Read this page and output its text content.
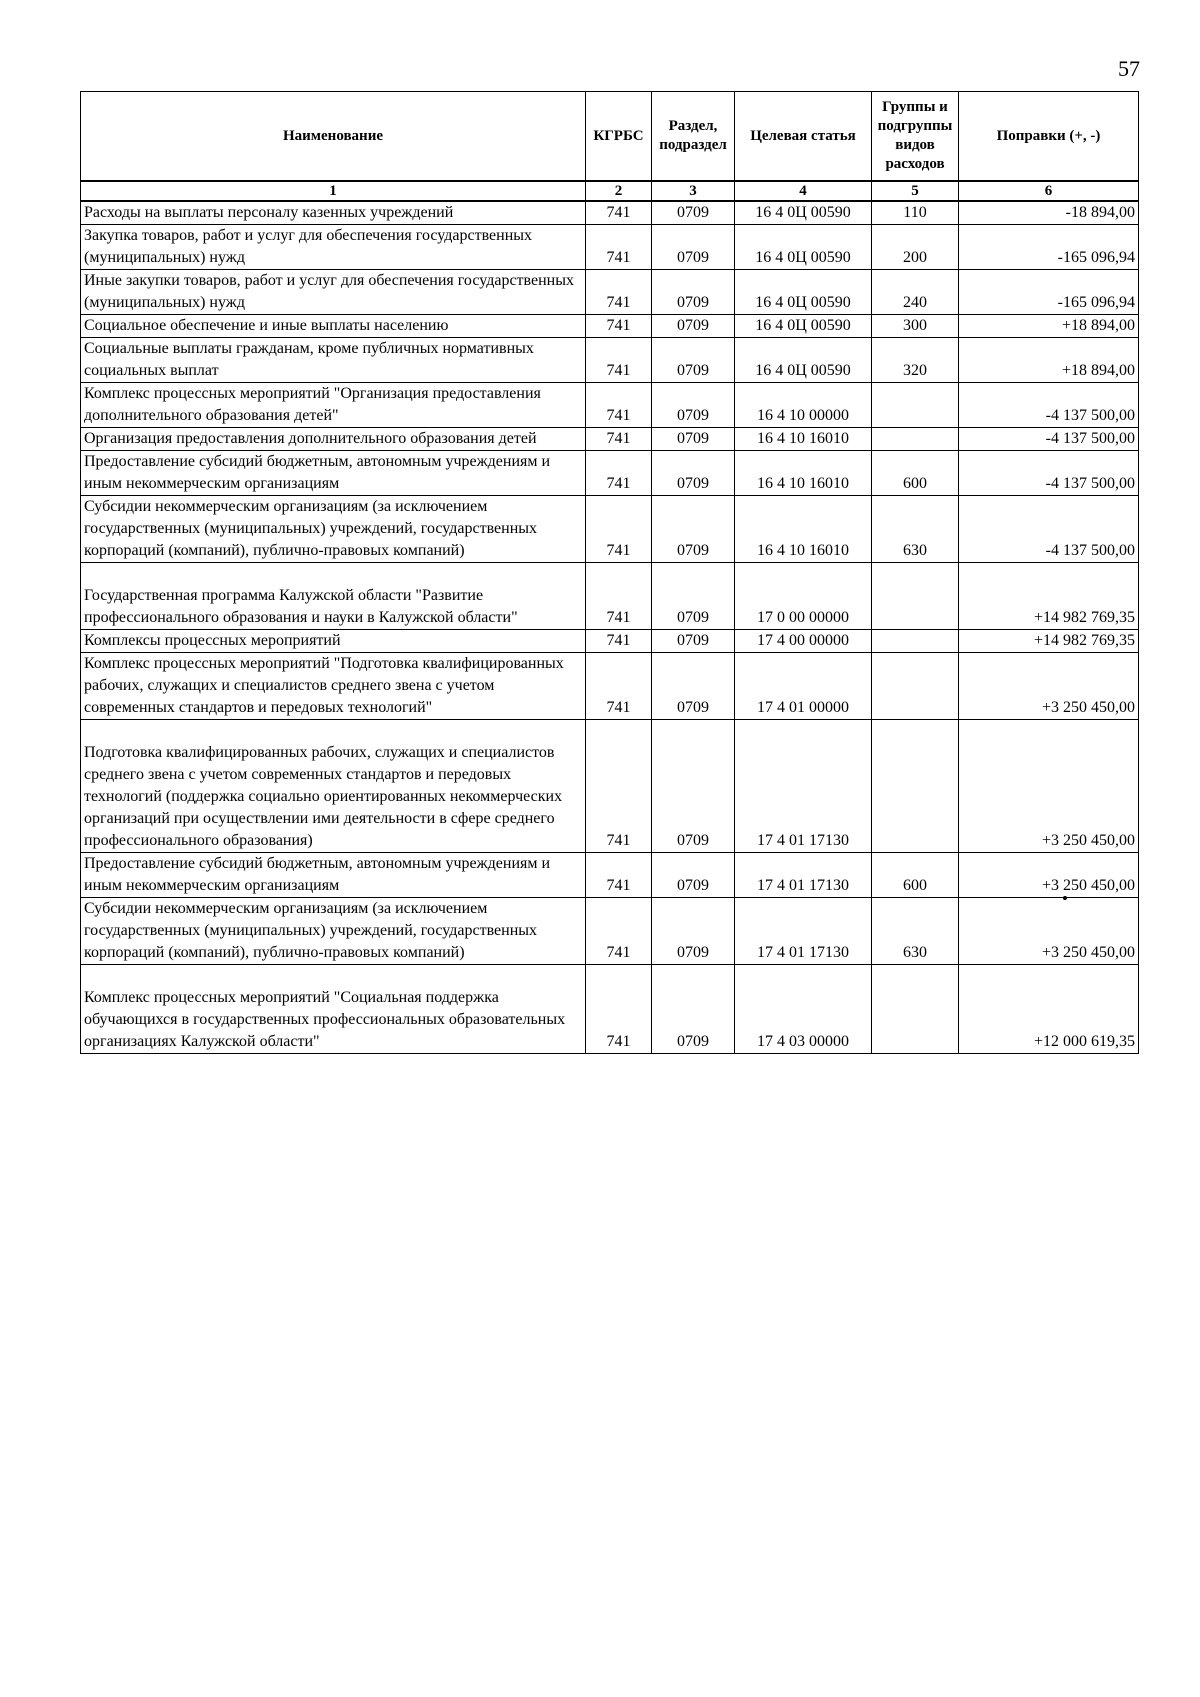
57
Наименование	КГРБС	Раздел, подраздел	Целевая статья	Группы и подгруппы видов расходов	Поправки (+, -)
1	2	3	4	5	6
Расходы на выплаты персоналу казенных учреждений	741	0709	16 4 0Ц 00590	110	-18 894,00
Закупка товаров, работ и услуг для обеспечения государственных (муниципальных) нужд	741	0709	16 4 0Ц 00590	200	-165 096,94
Иные закупки товаров, работ и услуг для обеспечения государственных (муниципальных) нужд	741	0709	16 4 0Ц 00590	240	-165 096,94
Социальное обеспечение и иные выплаты населению	741	0709	16 4 0Ц 00590	300	+18 894,00
Социальные выплаты гражданам, кроме публичных нормативных социальных выплат	741	0709	16 4 0Ц 00590	320	+18 894,00
Комплекс процессных мероприятий "Организация предоставления дополнительного образования детей"	741	0709	16 4 10 00000		-4 137 500,00
Организация предоставления дополнительного образования детей	741	0709	16 4 10 16010		-4 137 500,00
Предоставление субсидий бюджетным, автономным учреждениям и иным некоммерческим организациям	741	0709	16 4 10 16010	600	-4 137 500,00
Субсидии некоммерческим организациям (за исключением государственных (муниципальных) учреждений, государственных корпораций (компаний), публично-правовых компаний)	741	0709	16 4 10 16010	630	-4 137 500,00
Государственная программа Калужской области "Развитие профессионального образования и науки в Калужской области"	741	0709	17 0 00 00000		+14 982 769,35
Комплексы процессных мероприятий	741	0709	17 4 00 00000		+14 982 769,35
Комплекс процессных мероприятий "Подготовка квалифицированных рабочих, служащих и специалистов среднего звена с учетом современных стандартов и передовых технологий"	741	0709	17 4 01 00000		+3 250 450,00
Подготовка квалифицированных рабочих, служащих и специалистов среднего звена с учетом современных стандартов и передовых технологий (поддержка социально ориентированных некоммерческих организаций при осуществлении ими деятельности в сфере среднего профессионального образования)	741	0709	17 4 01 17130		+3 250 450,00
Предоставление субсидий бюджетным, автономным учреждениям и иным некоммерческим организациям	741	0709	17 4 01 17130	600	+3 250 450,00
Субсидии некоммерческим организациям (за исключением государственных (муниципальных) учреждений, государственных корпораций (компаний), публично-правовых компаний)	741	0709	17 4 01 17130	630	+3 250 450,00
Комплекс процессных мероприятий "Социальная поддержка обучающихся в государственных профессиональных образовательных организациях Калужской области"	741	0709	17 4 03 00000		+12 000 619,35
